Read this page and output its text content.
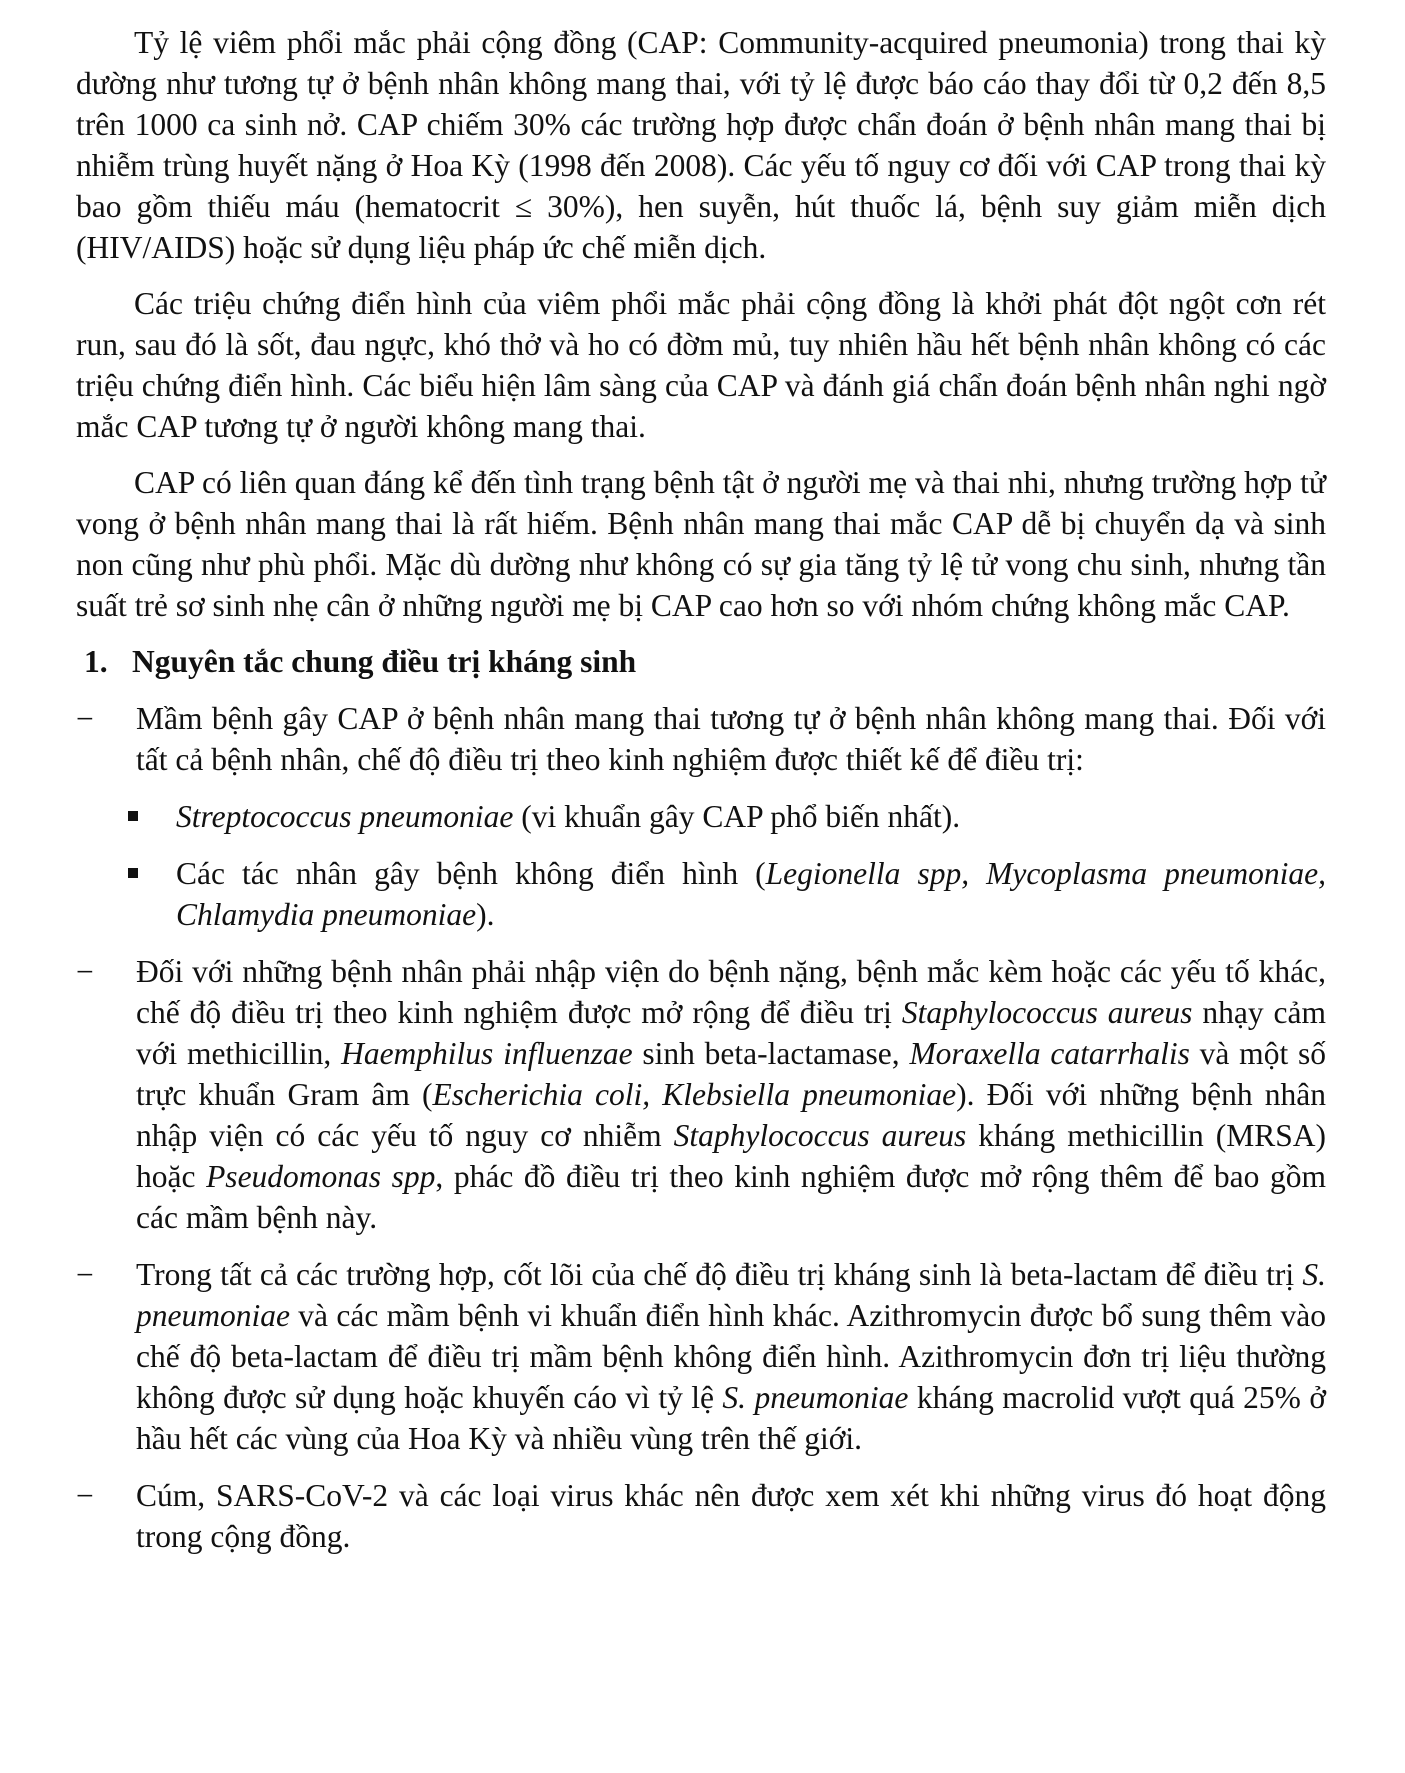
Tỷ lệ viêm phổi mắc phải cộng đồng (CAP: Community-acquired pneumonia) trong thai kỳ dường như tương tự ở bệnh nhân không mang thai, với tỷ lệ được báo cáo thay đổi từ 0,2 đến 8,5 trên 1000 ca sinh nở. CAP chiếm 30% các trường hợp được chẩn đoán ở bệnh nhân mang thai bị nhiễm trùng huyết nặng ở Hoa Kỳ (1998 đến 2008). Các yếu tố nguy cơ đối với CAP trong thai kỳ bao gồm thiếu máu (hematocrit ≤ 30%), hen suyễn, hút thuốc lá, bệnh suy giảm miễn dịch (HIV/AIDS) hoặc sử dụng liệu pháp ức chế miễn dịch.

Các triệu chứng điển hình của viêm phổi mắc phải cộng đồng là khởi phát đột ngột cơn rét run, sau đó là sốt, đau ngực, khó thở và ho có đờm mủ, tuy nhiên hầu hết bệnh nhân không có các triệu chứng điển hình. Các biểu hiện lâm sàng của CAP và đánh giá chẩn đoán bệnh nhân nghi ngờ mắc CAP tương tự ở người không mang thai.

CAP có liên quan đáng kể đến tình trạng bệnh tật ở người mẹ và thai nhi, nhưng trường hợp tử vong ở bệnh nhân mang thai là rất hiếm. Bệnh nhân mang thai mắc CAP dễ bị chuyển dạ và sinh non cũng như phù phổi. Mặc dù dường như không có sự gia tăng tỷ lệ tử vong chu sinh, nhưng tần suất trẻ sơ sinh nhẹ cân ở những người mẹ bị CAP cao hơn so với nhóm chứng không mắc CAP.

1. Nguyên tắc chung điều trị kháng sinh
− Mầm bệnh gây CAP ở bệnh nhân mang thai tương tự ở bệnh nhân không mang thai. Đối với tất cả bệnh nhân, chế độ điều trị theo kinh nghiệm được thiết kế để điều trị:

Streptococcus pneumoniae (vi khuẩn gây CAP phổ biến nhất).

Các tác nhân gây bệnh không điển hình (Legionella spp, Mycoplasma pneumoniae, Chlamydia pneumoniae).

− Đối với những bệnh nhân phải nhập viện do bệnh nặng, bệnh mắc kèm hoặc các yếu tố khác, chế độ điều trị theo kinh nghiệm được mở rộng để điều trị Staphylococcus aureus nhạy cảm với methicillin, Haemphilus influenzae sinh beta-lactamase, Moraxella catarrhalis và một số trực khuẩn Gram âm (Escherichia coli, Klebsiella pneumoniae). Đối với những bệnh nhân nhập viện có các yếu tố nguy cơ nhiễm Staphylococcus aureus kháng methicillin (MRSA) hoặc Pseudomonas spp, phác đồ điều trị theo kinh nghiệm được mở rộng thêm để bao gồm các mầm bệnh này.

− Trong tất cả các trường hợp, cốt lõi của chế độ điều trị kháng sinh là beta-lactam để điều trị S. pneumoniae và các mầm bệnh vi khuẩn điển hình khác. Azithromycin được bổ sung thêm vào chế độ beta-lactam để điều trị mầm bệnh không điển hình. Azithromycin đơn trị liệu thường không được sử dụng hoặc khuyến cáo vì tỷ lệ S. pneumoniae kháng macrolid vượt quá 25% ở hầu hết các vùng của Hoa Kỳ và nhiều vùng trên thế giới.

− Cúm, SARS-CoV-2 và các loại virus khác nên được xem xét khi những virus đó hoạt động trong cộng đồng.
